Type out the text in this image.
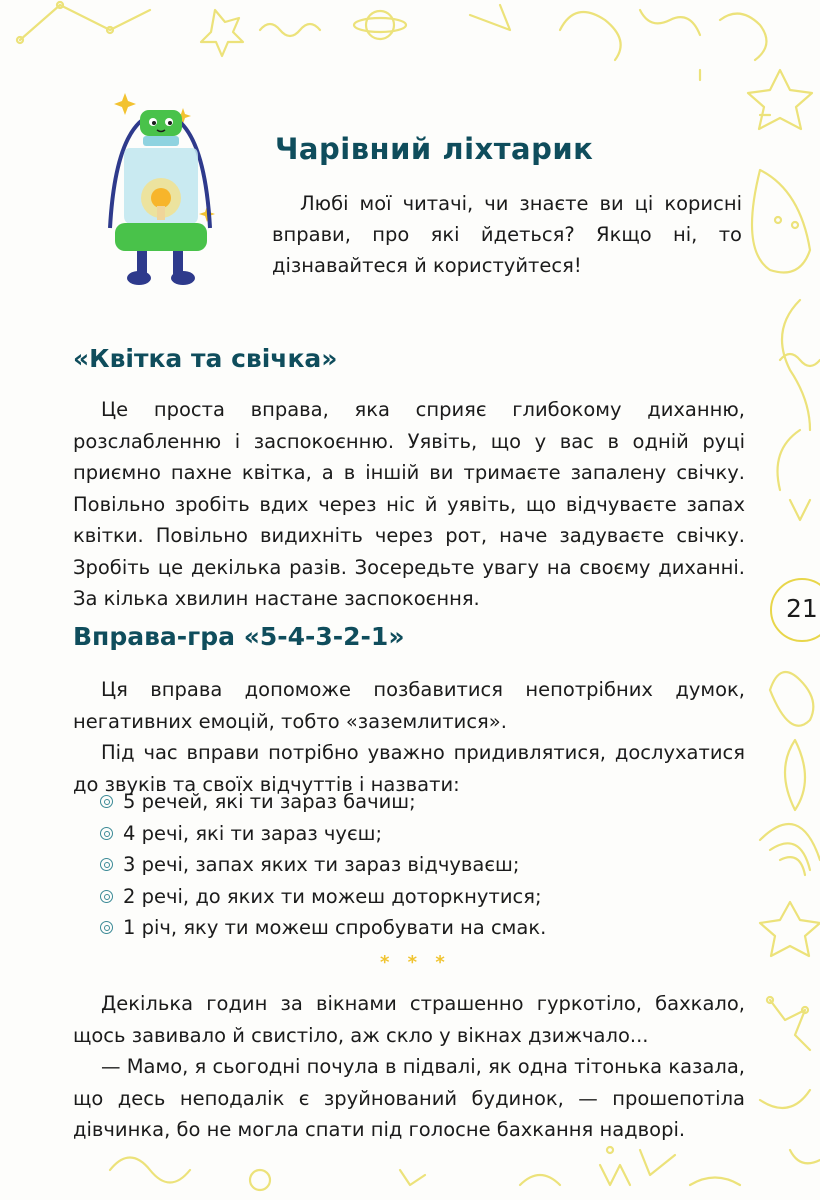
Чарівний ліхтарик

Любі мої читачі, чи знаєте ви ці корисні вправи, про які йдеться? Якщо ні, то дізнавайтеся й користуйтеся!

«Квітка та свічка»

Це проста вправа, яка сприяє глибокому диханню, розслабленню і заспокоєнню. Уявіть, що у вас в одній руці приємно пахне квітка, а в іншій ви тримаєте запалену свічку. Повільно зробіть вдих через ніс й уявіть, що відчуваєте запах квітки. Повільно видихніть через рот, наче задуваєте свічку. Зробіть це декілька разів. Зосередьте увагу на своєму диханні. За кілька хвилин настане заспокоєння.

Вправа-гра «5-4-3-2-1»

Ця вправа допоможе позбавитися непотрібних думок, негативних емоцій, тобто «заземлитися».

Під час вправи потрібно уважно придивлятися, дослухатися до звуків та своїх відчуттів і назвати:

5 речей, які ти зараз бачиш;
4 речі, які ти зараз чуєш;
3 речі, запах яких ти зараз відчуваєш;
2 речі, до яких ти можеш доторкнутися;
1 річ, яку ти можеш спробувати на смак.
* * *

Декілька годин за вікнами страшенно гуркотіло, бахкало, щось завивало й свистіло, аж скло у вікнах дзижчало...

— Мамо, я сьогодні почула в підвалі, як одна тітонька казала, що десь неподалік є зруйнований будинок, — прошепотіла дівчинка, бо не могла спати під голосне бахкання надворі.

21
